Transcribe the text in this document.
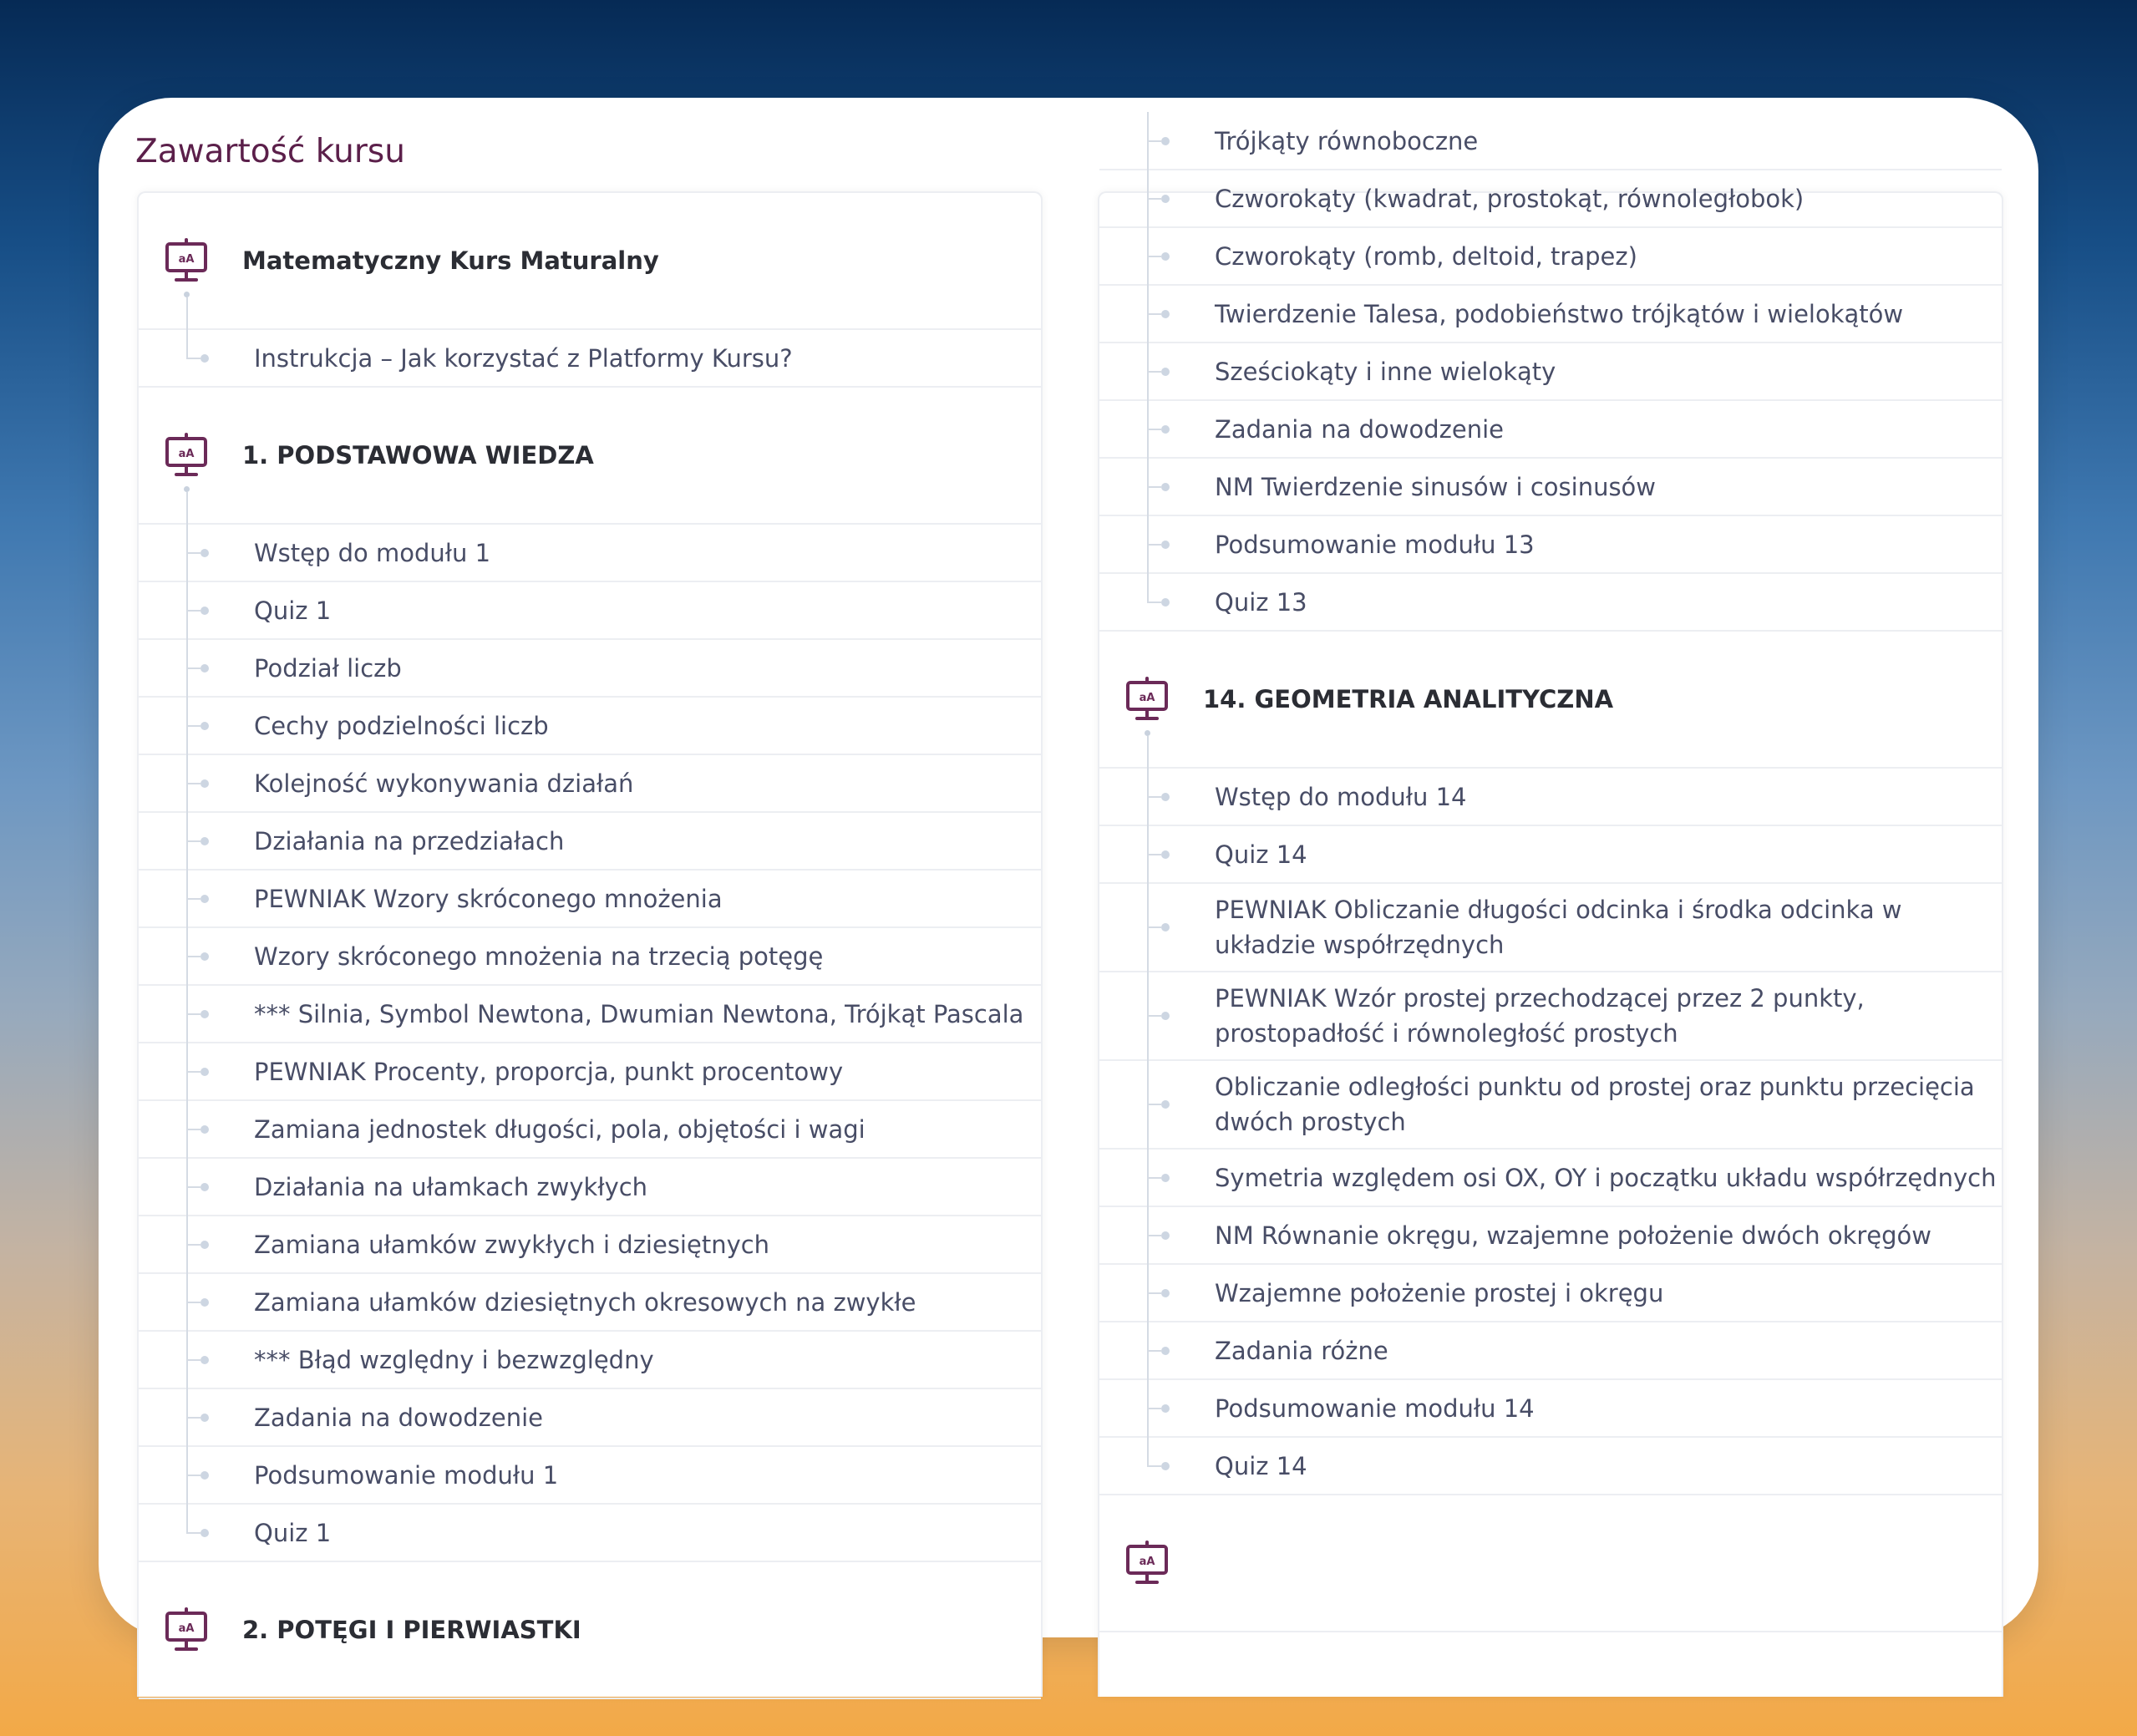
Zawartość kursu
aA Matematyczny Kurs Maturalny
Instrukcja – Jak korzystać z Platformy Kursu?
aA 1. PODSTAWOWA WIEDZA
Wstęp do modułu 1
Quiz 1
Podział liczb
Cechy podzielności liczb
Kolejność wykonywania działań
Działania na przedziałach
PEWNIAK Wzory skróconego mnożenia
Wzory skróconego mnożenia na trzecią potęgę
*** Silnia, Symbol Newtona, Dwumian Newtona, Trójkąt Pascala
PEWNIAK Procenty, proporcja, punkt procentowy
Zamiana jednostek długości, pola, objętości i wagi
Działania na ułamkach zwykłych
Zamiana ułamków zwykłych i dziesiętnych
Zamiana ułamków dziesiętnych okresowych na zwykłe
*** Błąd względny i bezwzględny
Zadania na dowodzenie
Podsumowanie modułu 1
Quiz 1
aA 2. POTĘGI I PIERWIASTKI
Trójkąty równoboczne
Czworokąty (kwadrat, prostokąt, równoległobok)
Czworokąty (romb, deltoid, trapez)
Twierdzenie Talesa, podobieństwo trójkątów i wielokątów
Sześciokąty i inne wielokąty
Zadania na dowodzenie
NM Twierdzenie sinusów i cosinusów
Podsumowanie modułu 13
Quiz 13
aA 14. GEOMETRIA ANALITYCZNA
Wstęp do modułu 14
Quiz 14
PEWNIAK Obliczanie długości odcinka i środka odcinka w układzie współrzędnych
PEWNIAK Wzór prostej przechodzącej przez 2 punkty, prostopadłość i równoległość prostych
Obliczanie odległości punktu od prostej oraz punktu przecięcia dwóch prostych
Symetria względem osi OX, OY i początku układu współrzędnych
NM Równanie okręgu, wzajemne położenie dwóch okręgów
Wzajemne położenie prostej i okręgu
Zadania różne
Podsumowanie modułu 14
Quiz 14
aA
